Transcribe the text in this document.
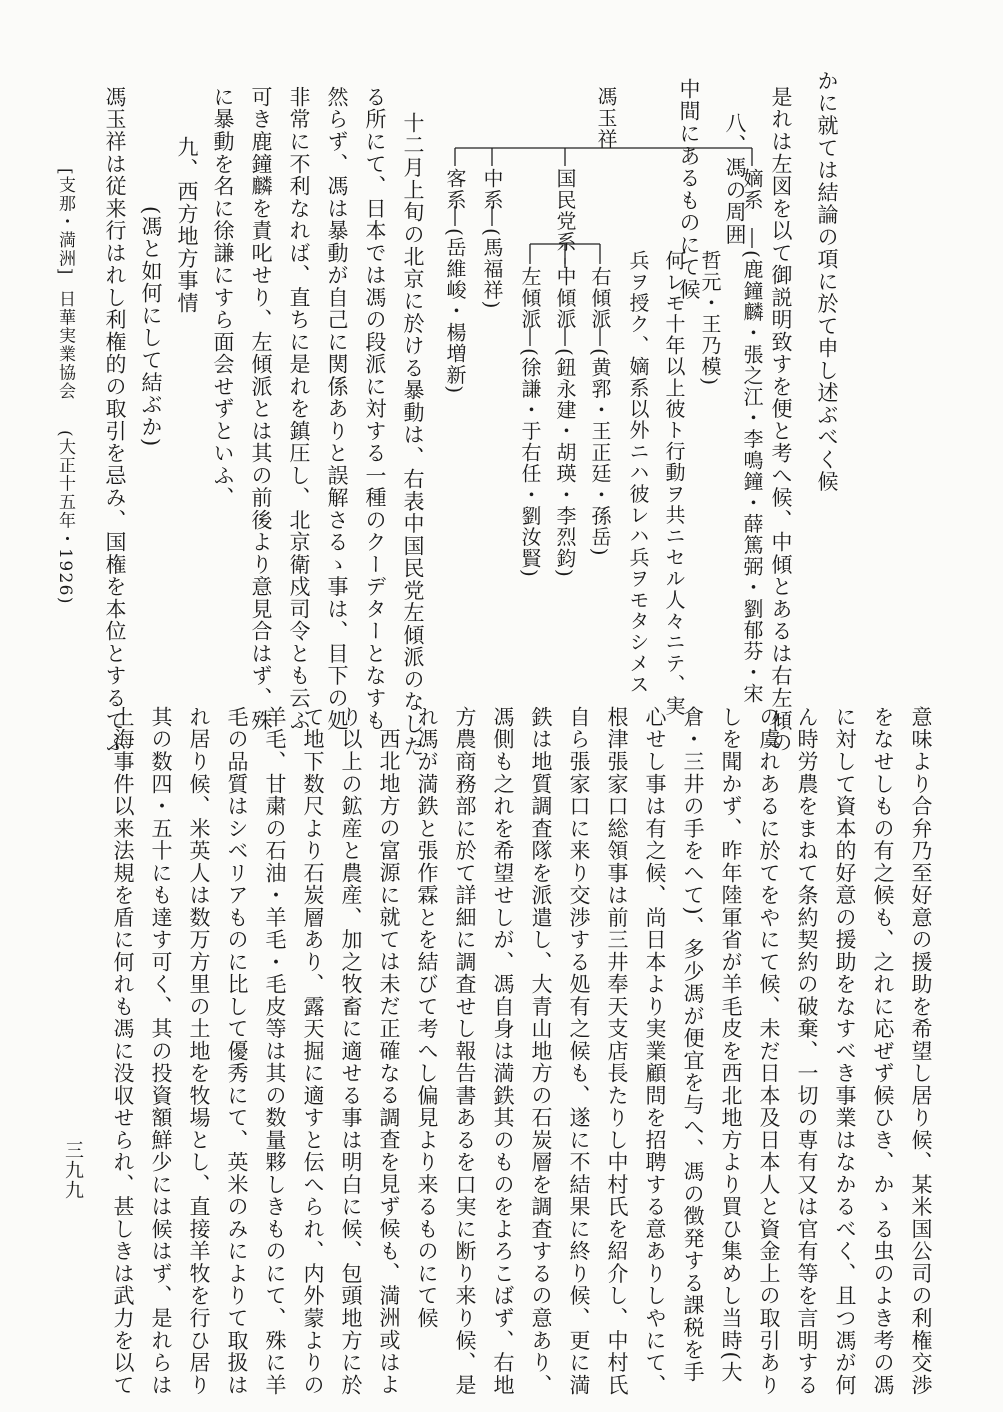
かに就ては結論の項に於て申し述ぶべく候
是れは左図を以て御説明致すを便と考へ候、中傾とあるは右左傾の
八、馮の周囲
中間にあるものにて候
馮玉祥
嫡系
(鹿鐘麟・張之江・李鳴鐘・薛篤弼・劉郁芬・宋
哲元・王乃模)
何レモ十年以上彼ト行動ヲ共ニセル人々ニテ、実
兵ヲ授ク、嫡系以外ニハ彼レハ兵ヲモタシメス
国民党系
右傾派
(黄郛・王正廷・孫岳)
中傾派
(鈕永建・胡瑛・李烈鈞)
左傾派
(徐謙・于右任・劉汝賢)
中系
(馬福祥)
客系
(岳維峻・楊増新)
十二月上旬の北京に於ける暴動は、右表中国民党左傾派のなした
る所にて、日本では馮の段派に対する一種のクーデターとなすも
然らず、馮は暴動が自己に関係ありと誤解さるゝ事は、目下の処
非常に不利なれば、直ちに是れを鎮圧し、北京衛戍司令とも云ふ
可き鹿鐘麟を責叱せり、左傾派とは其の前後より意見合はず、殊
に暴動を名に徐謙にすら面会せずといふ、
九、西方地方事情
(馮と如何にして結ぶか)
馮玉祥は従来行はれし利権的の取引を忌み、国権を本位とするてふ
[支那・満洲]
日華実業協会
(大正十五年・1926)
意味より合弁乃至好意の援助を希望し居り候、某米国公司の利権交渉
をなせしもの有之候も、之れに応ぜず候ひき、かゝる虫のよき考の馮
に対して資本的好意の援助をなすべき事業はなかるべく、且つ馮が何
ん時労農をまねて条約契約の破棄、一切の専有又は官有等を言明する
の虞れあるに於てをやにて候、未だ日本及日本人と資金上の取引あり
しを聞かず、昨年陸軍省が羊毛皮を西北地方より買ひ集めし当時(大
倉・三井の手をへて)、多少馮が便宜を与へ、馮の徴発する課税を手
心せし事は有之候、尚日本より実業顧問を招聘する意ありしやにて、
根津張家口総領事は前三井奉天支店長たりし中村氏を紹介し、中村氏
自ら張家口に来り交渉する処有之候も、遂に不結果に終り候、更に満
鉄は地質調査隊を派遣し、大青山地方の石炭層を調査するの意あり、
馮側も之れを希望せしが、馮自身は満鉄其のものをよろこばず、右地
方農商務部に於て詳細に調査せし報告書あるを口実に断り来り候、是
れ馮が満鉄と張作霖とを結びて考へし偏見より来るものにて候
西北地方の富源に就ては未だ正確なる調査を見ず候も、満洲或はよ
り以上の鉱産と農産、加之牧畜に適せる事は明白に候、包頭地方に於
て地下数尺より石炭層あり、露天掘に適すと伝へられ、内外蒙よりの
羊毛、甘粛の石油・羊毛・毛皮等は其の数量夥しきものにて、殊に羊
毛の品質はシベリアものに比して優秀にて、英米のみによりて取扱は
れ居り候、米英人は数万方里の土地を牧場とし、直接羊牧を行ひ居り
其の数四・五十にも達す可く、其の投資額鮮少には候はず、是れらは
上海事件以来法規を盾に何れも馮に没収せられ、甚しきは武力を以て
三九九
